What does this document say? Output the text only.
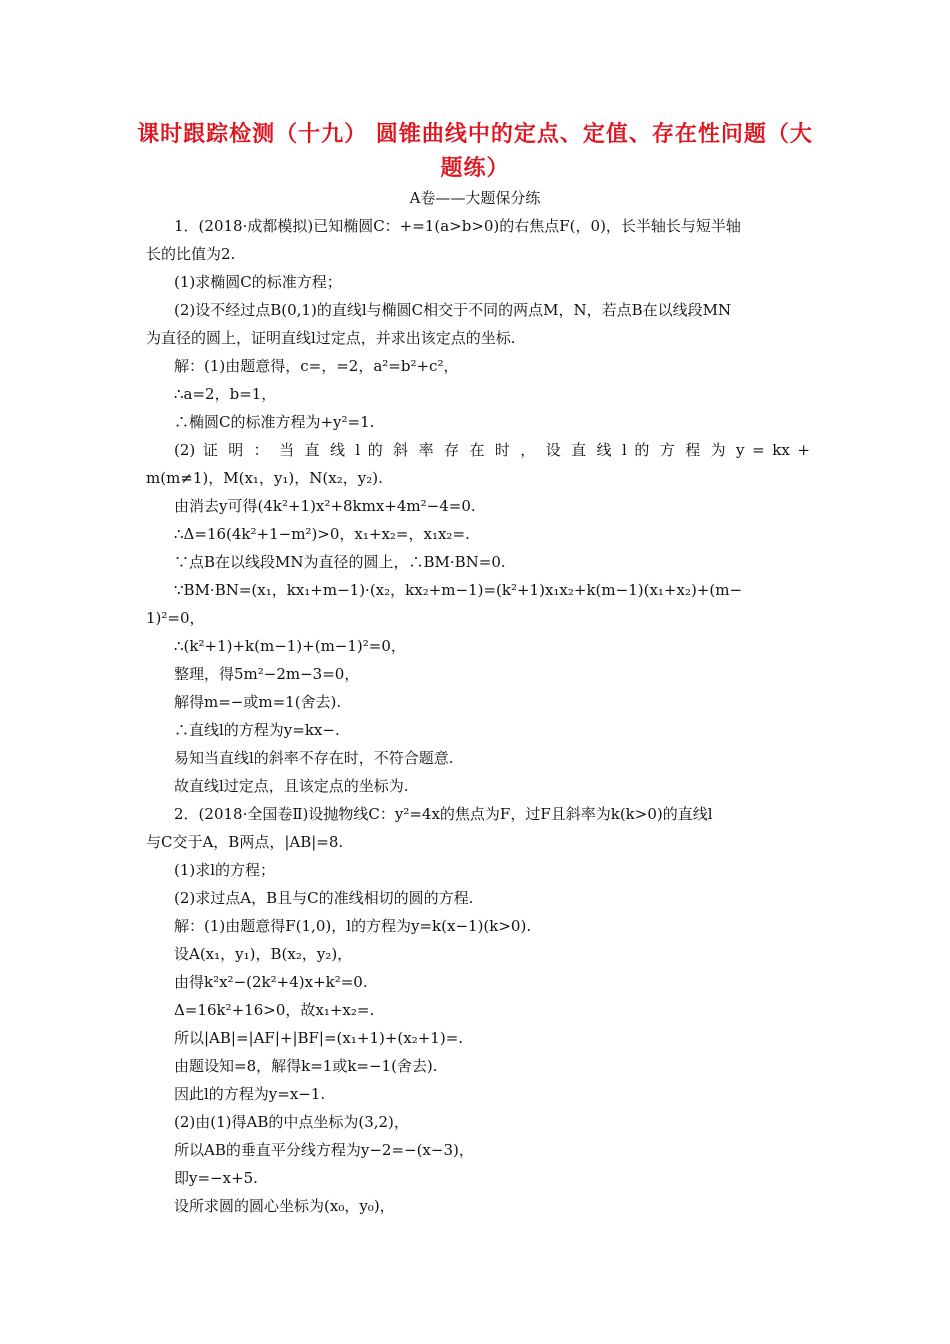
课时跟踪检测（十九） 圆锥曲线中的定点、定值、存在性问题（大
题练）
A卷——大题保分练
1．(2018·成都模拟)已知椭圆C：+=1(a>b>0)的右焦点F(，0)，长半轴长与短半轴
长的比值为2.
(1)求椭圆C的标准方程；
(2)设不经过点B(0,1)的直线l与椭圆C相交于不同的两点M，N，若点B在以线段MN
为直径的圆上，证明直线l过定点，并求出该定点的坐标.
解：(1)由题意得，c=，=2，a²=b²+c²，
∴a=2，b=1，
∴椭圆C的标准方程为+y²=1.
(2) 证 明 ： 当 直 线 l 的 斜 率 存 在 时 ， 设 直 线 l 的 方 程 为 y = kx +
m(m≠1)，M(x₁，y₁)，N(x₂，y₂).
由消去y可得(4k²+1)x²+8kmx+4m²−4=0.
∴Δ=16(4k²+1−m²)>0，x₁+x₂=，x₁x₂=.
∵点B在以线段MN为直径的圆上，∴BM·BN=0.
∵BM·BN=(x₁，kx₁+m−1)·(x₂，kx₂+m−1)=(k²+1)x₁x₂+k(m−1)(x₁+x₂)+(m−
1)²=0，
∴(k²+1)+k(m−1)+(m−1)²=0，
整理，得5m²−2m−3=0，
解得m=−或m=1(舍去).
∴直线l的方程为y=kx−.
易知当直线l的斜率不存在时，不符合题意.
故直线l过定点，且该定点的坐标为.
2．(2018·全国卷Ⅱ)设抛物线C：y²=4x的焦点为F，过F且斜率为k(k>0)的直线l
与C交于A，B两点，|AB|=8.
(1)求l的方程；
(2)求过点A，B且与C的准线相切的圆的方程.
解：(1)由题意得F(1,0)，l的方程为y=k(x−1)(k>0).
设A(x₁，y₁)，B(x₂，y₂)，
由得k²x²−(2k²+4)x+k²=0.
Δ=16k²+16>0，故x₁+x₂=.
所以|AB|=|AF|+|BF|=(x₁+1)+(x₂+1)=.
由题设知=8，解得k=1或k=−1(舍去).
因此l的方程为y=x−1.
(2)由(1)得AB的中点坐标为(3,2)，
所以AB的垂直平分线方程为y−2=−(x−3)，
即y=−x+5.
设所求圆的圆心坐标为(x₀，y₀)，
